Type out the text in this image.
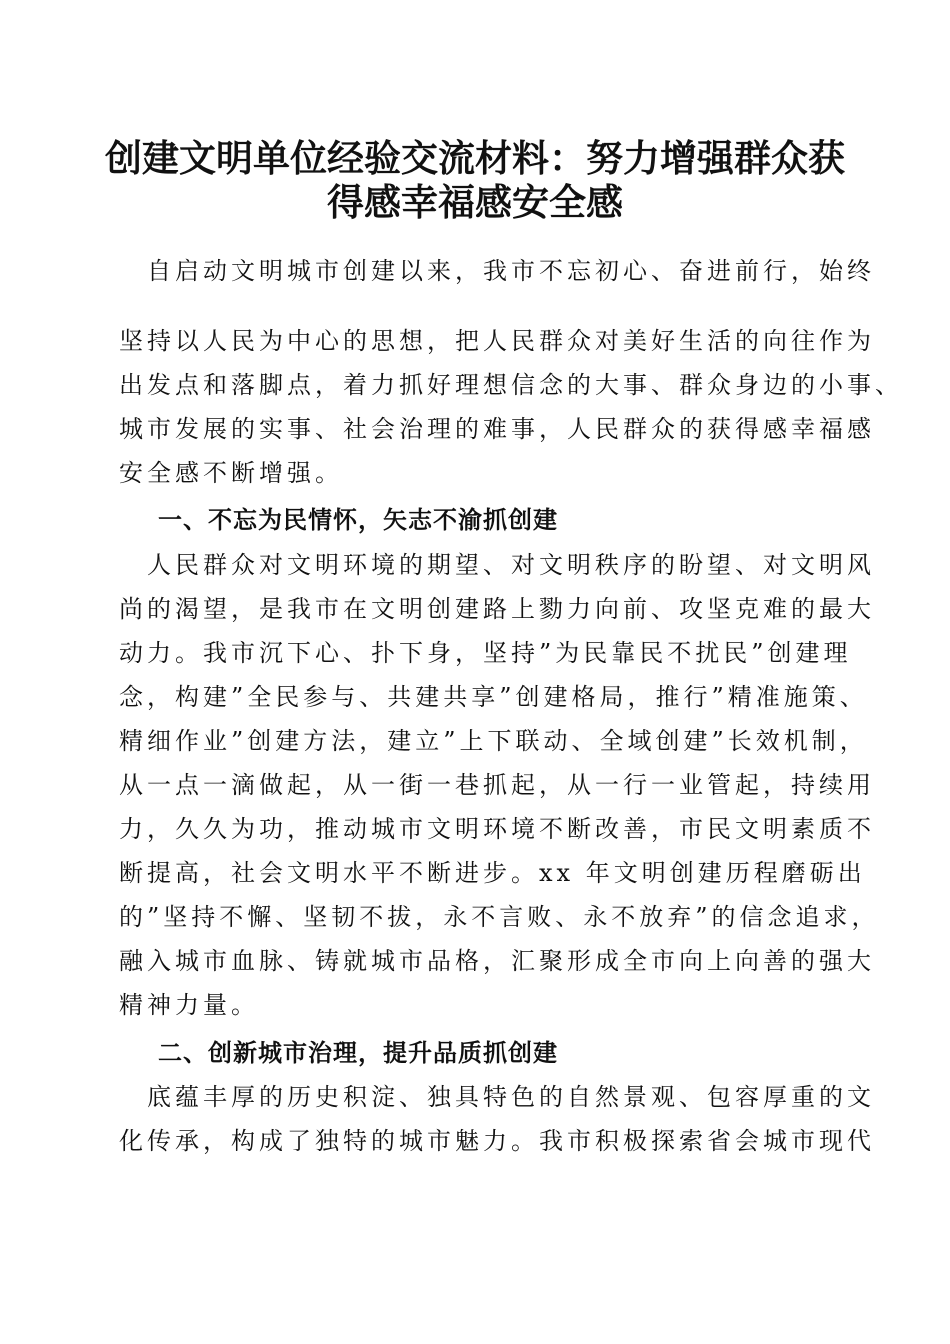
创建文明单位经验交流材料：努力增强群众获
得感幸福感安全感
　自启动文明城市创建以来，我市不忘初心、奋进前行，始终
坚持以人民为中心的思想，把人民群众对美好生活的向往作为
出发点和落脚点，着力抓好理想信念的大事、群众身边的小事、
城市发展的实事、社会治理的难事，人民群众的获得感幸福感
安全感不断增强。
一、不忘为民情怀，矢志不渝抓创建
　人民群众对文明环境的期望、对文明秩序的盼望、对文明风
尚的渴望，是我市在文明创建路上勠力向前、攻坚克难的最大
动力。我市沉下心、扑下身，坚持”为民靠民不扰民”创建理
念，构建”全民参与、共建共享”创建格局，推行”精准施策、
精细作业”创建方法，建立”上下联动、全域创建”长效机制，
从一点一滴做起，从一街一巷抓起，从一行一业管起，持续用
力，久久为功，推动城市文明环境不断改善，市民文明素质不
断提高，社会文明水平不断进步。xx 年文明创建历程磨砺出
的”坚持不懈、坚韧不拔，永不言败、永不放弃”的信念追求，
融入城市血脉、铸就城市品格，汇聚形成全市向上向善的强大
精神力量。
二、创新城市治理，提升品质抓创建
　底蕴丰厚的历史积淀、独具特色的自然景观、包容厚重的文
化传承，构成了独特的城市魅力。我市积极探索省会城市现代
